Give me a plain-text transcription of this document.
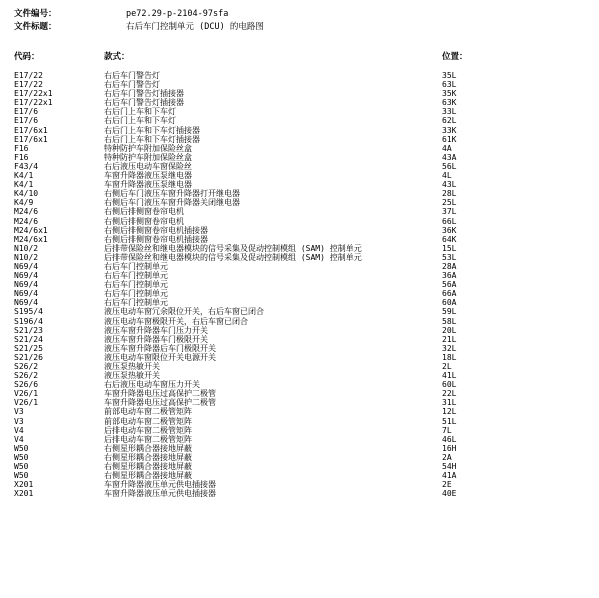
文件编号：	pe72.29-p-2104-97sfa
文件标题：	右后车门控制单元 (DCU) 的电路图
代码：	款式：	位置：
E17/22	右后车门警告灯	35L
E17/22	右后车门警告灯	63L
E17/22x1	右后车门警告灯插接器	35K
E17/22x1	右后车门警告灯插接器	63K
E17/6	右后门上车和下车灯	33L
E17/6	右后门上车和下车灯	62L
E17/6x1	右后门上车和下车灯插接器	33K
E17/6x1	右后门上车和下车灯插接器	61K
F16	特种防护车附加保险丝盒	4A
F16	特种防护车附加保险丝盒	43A
F43/4	右后液压电动车窗保险丝	56L
K4/1	车窗升降器液压泵继电器	4L
K4/1	车窗升降器液压泵继电器	43L
K4/10	右侧后车门液压车窗升降器打开继电器	28L
K4/9	右侧后车门液压车窗升降器关闭继电器	25L
M24/6	右侧后排侧窗卷帘电机	37L
M24/6	右侧后排侧窗卷帘电机	66L
M24/6x1	右侧后排侧窗卷帘电机插接器	36K
M24/6x1	右侧后排侧窗卷帘电机插接器	64K
N10/2	后排带保险丝和继电器模块的信号采集及促动控制模组 (SAM) 控制单元	15L
N10/2	后排带保险丝和继电器模块的信号采集及促动控制模组 (SAM) 控制单元	53L
N69/4	右后车门控制单元	28A
N69/4	右后车门控制单元	36A
N69/4	右后车门控制单元	56A
N69/4	右后车门控制单元	66A
N69/4	右后车门控制单元	60A
S195/4	液压电动车窗冗余限位开关，右后车窗已闭合	59L
S196/4	液压电动车窗极限开关，右后车窗已闭合	58L
S21/23	液压车窗升降器车门压力开关	20L
S21/24	液压车窗升降器车门极限开关	21L
S21/25	液压车窗升降器后车门极限开关	32L
S21/26	液压电动车窗限位开关电源开关	18L
S26/2	液压泵热敏开关	2L
S26/2	液压泵热敏开关	41L
S26/6	右后液压电动车窗压力开关	60L
V26/1	车窗升降器电压过高保护二极管	22L
V26/1	车窗升降器电压过高保护二极管	31L
V3	前部电动车窗二极管矩阵	12L
V3	前部电动车窗二极管矩阵	51L
V4	后排电动车窗二极管矩阵	7L
V4	后排电动车窗二极管矩阵	46L
W50	右侧星形耦合器接地屏蔽	16H
W50	右侧星形耦合器接地屏蔽	2A
W50	右侧星形耦合器接地屏蔽	54H
W50	右侧星形耦合器接地屏蔽	41A
X201	车窗升降器液压单元供电插接器	2E
X201	车窗升降器液压单元供电插接器	40E
